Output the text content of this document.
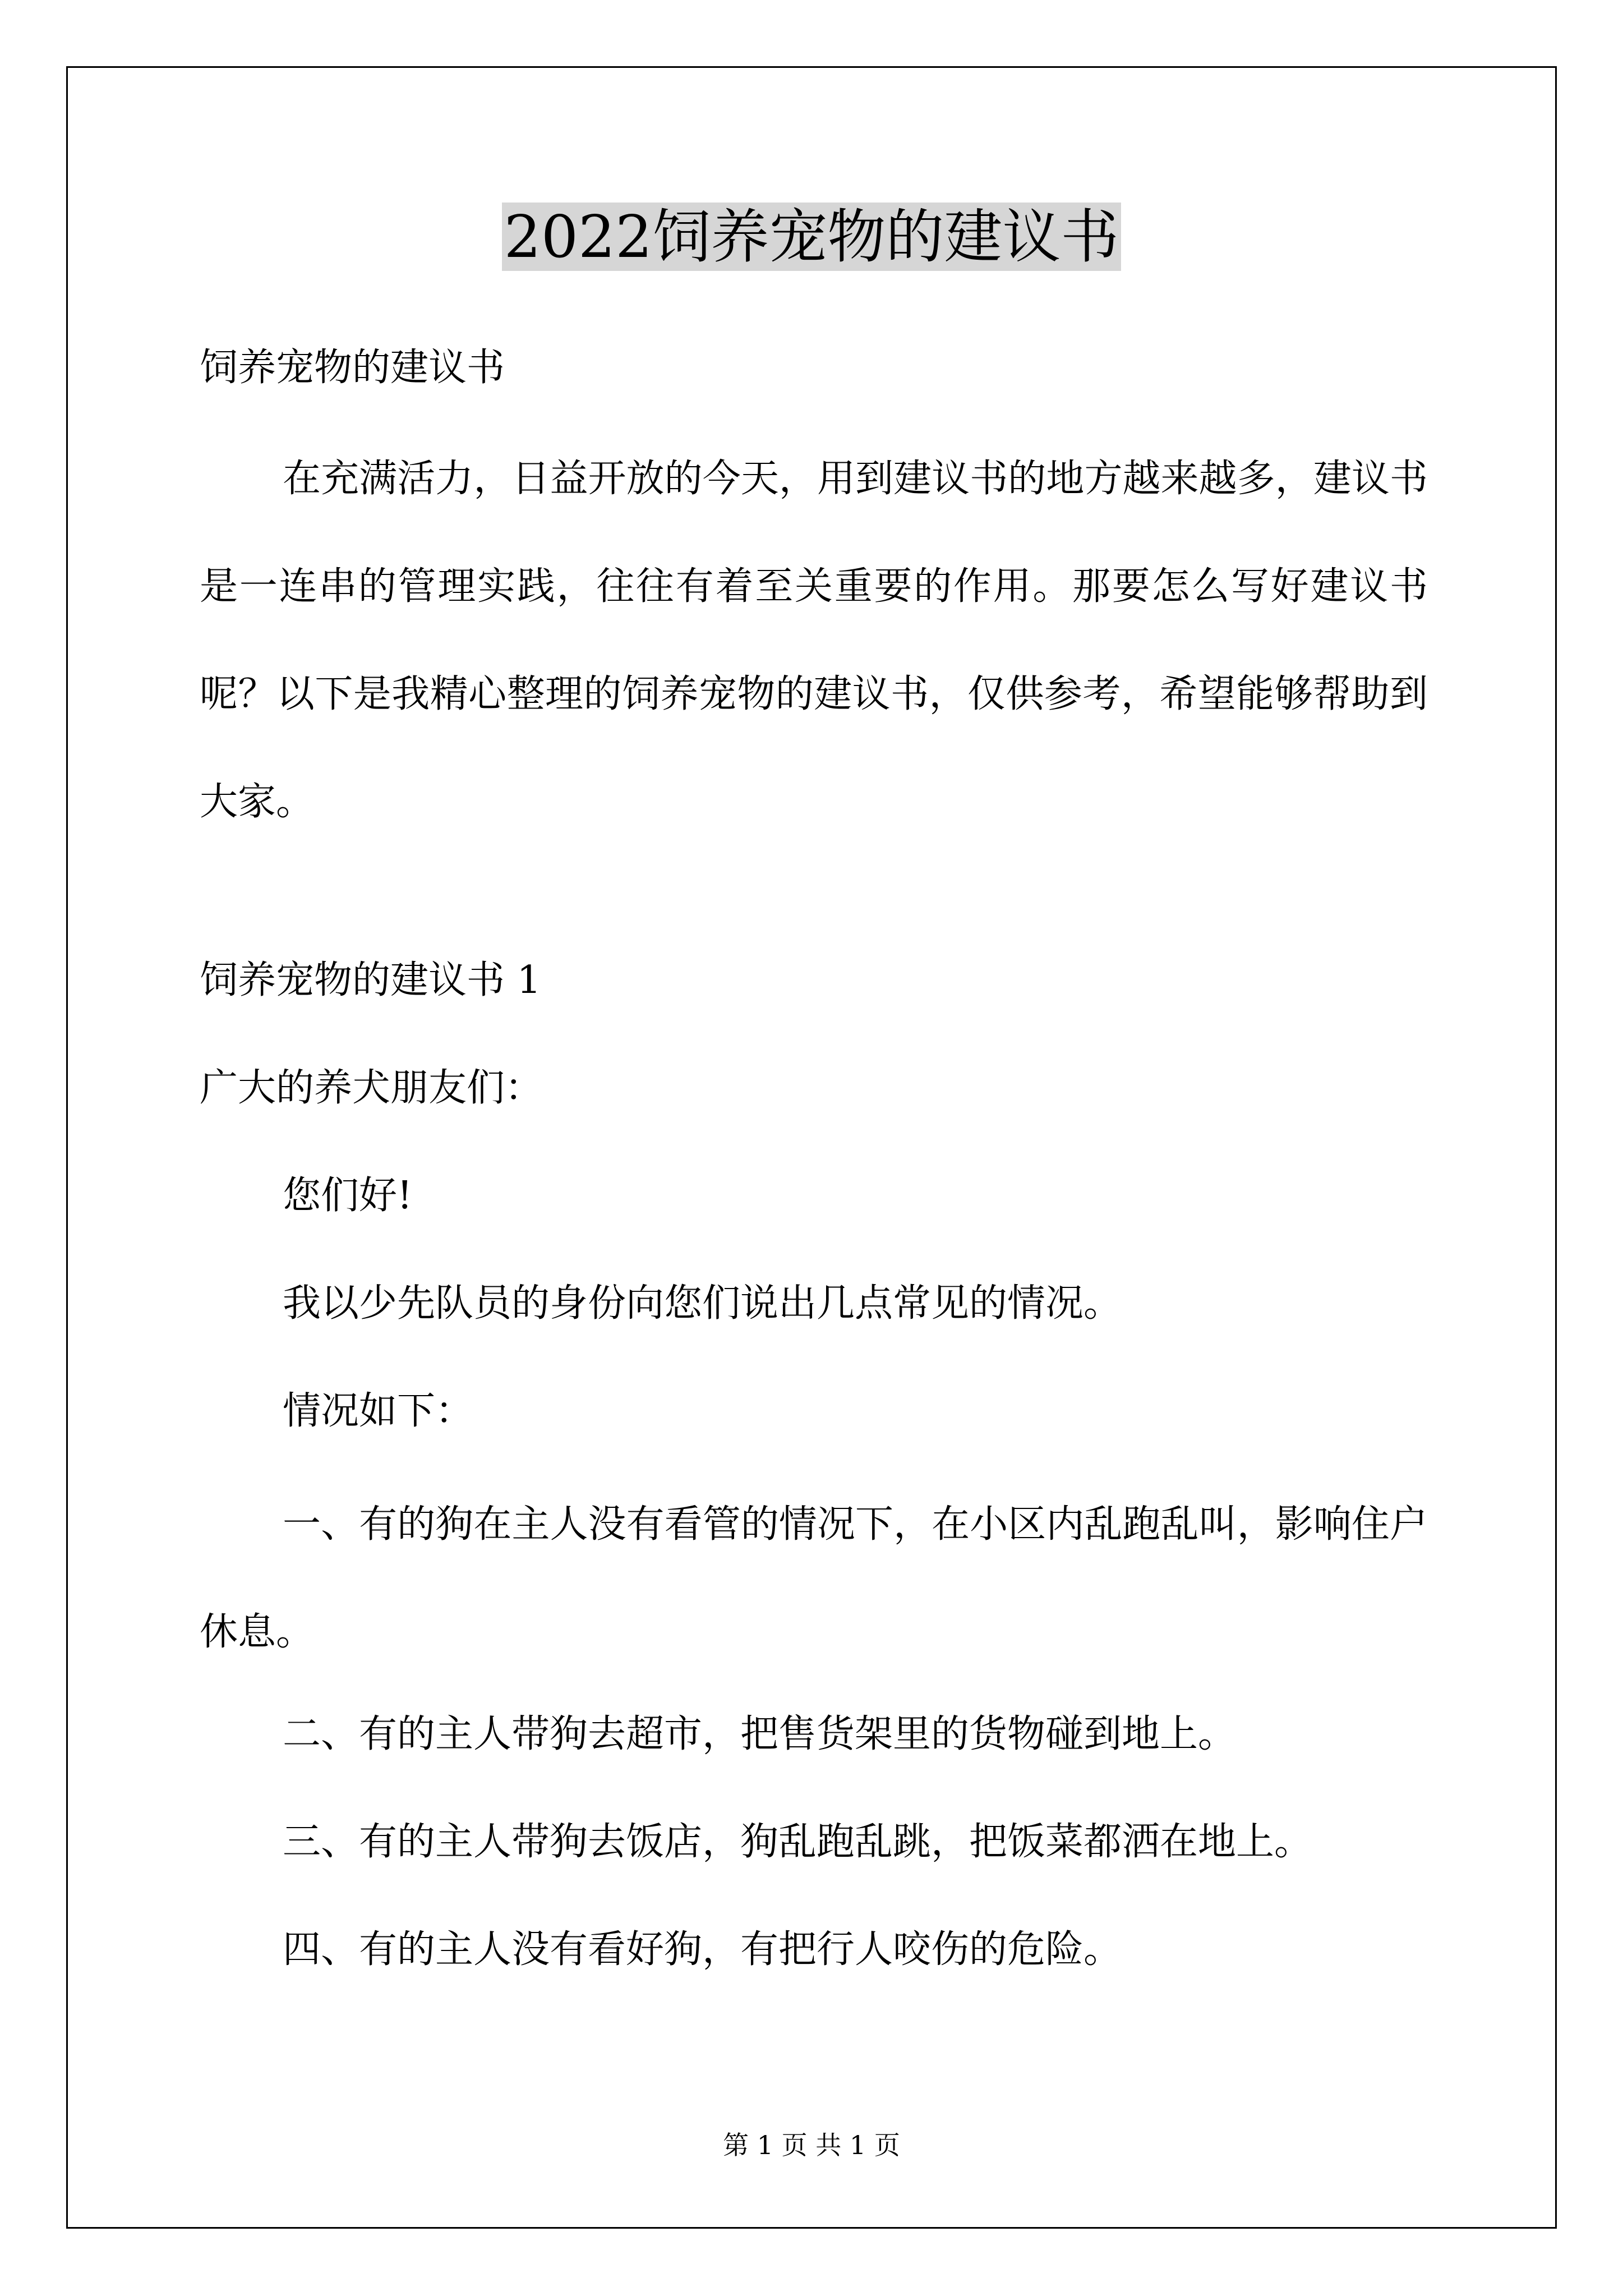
2022饲养宠物的建议书

饲养宠物的建议书

在充满活力，日益开放的今天，用到建议书的地方越来越多，建议书是一连串的管理实践，往往有着至关重要的作用。那要怎么写好建议书呢？以下是我精心整理的饲养宠物的建议书，仅供参考，希望能够帮助到大家。

饲养宠物的建议书 1

广大的养犬朋友们：

您们好!

我以少先队员的身份向您们说出几点常见的情况。

情况如下：

一、有的狗在主人没有看管的情况下，在小区内乱跑乱叫，影响住户休息。

二、有的主人带狗去超市，把售货架里的货物碰到地上。

三、有的主人带狗去饭店，狗乱跑乱跳，把饭菜都洒在地上。

四、有的主人没有看好狗，有把行人咬伤的危险。

第 1 页 共 1 页
